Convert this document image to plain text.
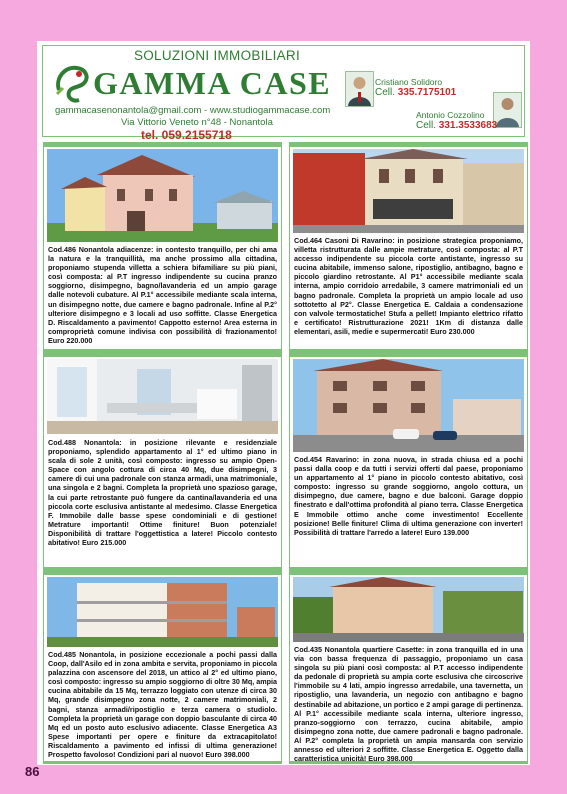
SOLUZIONI IMMOBILIARI
GAMMA CASE
gammacasenonantola@gmail.com - www.studiogammacase.com
Via Vittorio Veneto n°48 - Nonantola
tel. 059.2155718
Cristiano Solidoro
Cell. 335.7175101
Antonio Cozzolino
Cell. 331.3533683
Cod.486 Nonantola adiacenze: in contesto tranquillo, per chi ama la natura e la tranquillità, ma anche prossimo alla cittadina, proponiamo stupenda villetta a schiera bifamiliare su più piani, così composta: al P.T ingresso indipendente su cucina pranzo soggiorno, disimpegno, bagno/lavanderia ed un ampio garage dalle notevoli cubature. Al P.1° accessibile mediante scala interna, un disimpegno notte, due camere e bagno padronale. Infine al P.2° ulteriore disimpegno e 3 locali ad uso soffitte. Classe Energetica D. Riscaldamento a pavimento! Cappotto esterno! Area esterna in comproprietà comune indivisa con possibilità di frazionamento! Euro 220.000
Cod.464 Casoni Di Ravarino: in posizione strategica proponiamo, villetta ristrutturata dalle ampie metrature, così composta: al P.T accesso indipendente su piccola corte antistante, ingresso su cucina abitabile, immenso salone, ripostiglio, antibagno, bagno e piccolo giardino retrostante. Al P1° accessibile mediante scala interna, ampio corridoio arredabile, 3 camere matrimoniali ed un bagno padronale. Completa la proprietà un ampio locale ad uso sottotetto al P2°. Classe Energetica E. Caldaia a condensazione con valvole termostatiche! Stufa a pellet! Impianto elettrico rifatto e certificato! Ristrutturazione 2021! 1Km di distanza dalle elementari, asili, medie e supermercati! Euro 230.000
Cod.488 Nonantola: in posizione rilevante e residenziale proponiamo, splendido appartamento al 1° ed ultimo piano in scala di sole 2 unità, così composto: ingresso su ampio Open-Space con angolo cottura di circa 40 Mq, due disimpegni, 3 camere di cui una padronale con stanza armadi, una matrimoniale, una singola e 2 bagni. Completa la proprietà uno spazioso garage, la cui parte retrostante può fungere da cantina/lavanderia ed una piccola corte esclusiva antistante al medesimo. Classe Energetica F. Immobile dalle basse spese condominiali e di gestione! Metrature importanti! Ottime finiture! Buon potenziale! Disponibilità di trattare l'oggettistica a latere! Piccolo contesto abitativo! Euro 215.000
Cod.454 Ravarino: in zona nuova, in strada chiusa ed a pochi passi dalla coop e da tutti i servizi offerti dal paese, proponiamo un appartamento al 1° piano in piccolo contesto abitativo, così composto: ingresso su grande soggiorno, angolo cottura, un disimpegno, due camere, bagno e due balconi. Garage doppio finestrato e dall'ottima profondità al piano terra. Classe Energetica E Immobile ottimo anche come investimento! Eccellente posizione! Belle finiture! Clima di ultima generazione con inverter! Possibilità di trattare l'arredo a latere! Euro 139.000
Cod.485 Nonantola, in posizione eccezionale a pochi passi dalla Coop, dall'Asilo ed in zona ambita e servita, proponiamo in piccola palazzina con ascensore del 2018, un attico al 2° ed ultimo piano, così composto: ingresso su ampio soggiorno di oltre 30 Mq, ampia cucina abitabile da 15 Mq, terrazzo loggiato con utenze di circa 30 Mq, grande disimpegno zona notte, 2 camere matrimoniali, 2 bagni, stanza armadi/ripostiglio e terza camera o studiolo. Completa la proprietà un garage con doppio basculante di circa 40 Mq ed un posto auto esclusivo adiacente. Classe Energetica A3 Spese importanti per opere e finiture da extracapitolato! Riscaldamento a pavimento ed infissi di ultima generazione! Prospetto favoloso! Condizioni pari al nuovo! Euro 398.000
Cod.435 Nonantola quartiere Casette: in zona tranquilla ed in una via con bassa frequenza di passaggio, proponiamo un casa singola su più piani così composta: al P.T accesso indipendente da pedonale di proprietà su ampia corte esclusiva che circoscrive l'immobile su 4 lati, ampio ingresso arredabile, una tavernetta, un ripostiglio, una lavanderia, un negozio con antibagno e bagno destinabile ad abitazione, un portico e 2 ampi garage di pertinenza. Al P.1° accessibile mediante scala interna, ulteriore ingresso, pranzo-soggiorno con terrazzo, cucina abitabile, ampio disimpegno zona notte, due camere padronali e bagno padronale. Al P.2° completa la proprietà un ampia mansarda con servizio annesso ed ulteriori 2 soffitte. Classe Energetica E. Oggetto dalla caratteristica unicità! Euro 398.000
86
